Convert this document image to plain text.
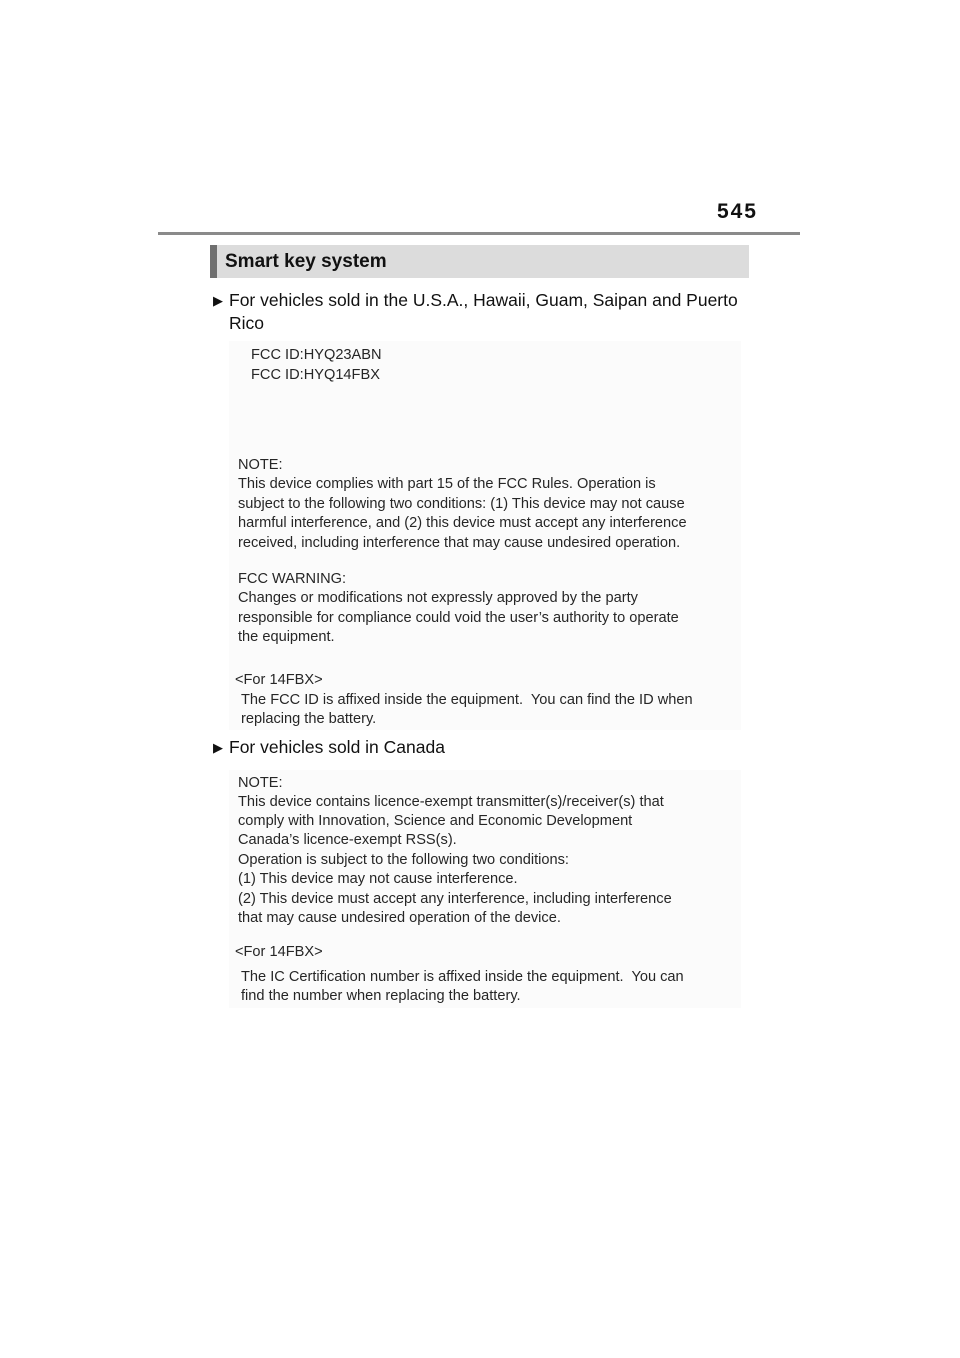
545
Smart key system
▶ For vehicles sold in the U.S.A., Hawaii, Guam, Saipan and Puerto Rico

FCC ID:HYQ23ABN

FCC ID:HYQ14FBX

NOTE:

This device complies with part 15 of the FCC Rules. Operation is

subject to the following two conditions: (1) This device may not cause

harmful interference, and (2) this device must accept any interference

received, including interference that may cause undesired operation.

FCC WARNING:

Changes or modifications not expressly approved by the party

responsible for compliance could void the user’s authority to operate

the equipment.

<For 14FBX>

The FCC ID is affixed inside the equipment.  You can find the ID when

replacing the battery.

▶ For vehicles sold in Canada

NOTE:

This device contains licence-exempt transmitter(s)/receiver(s) that

comply with Innovation, Science and Economic Development

Canada’s licence-exempt RSS(s).

Operation is subject to the following two conditions:

(1) This device may not cause interference.

(2) This device must accept any interference, including interference

that may cause undesired operation of the device.

<For 14FBX>

The IC Certification number is affixed inside the equipment.  You can

find the number when replacing the battery.
